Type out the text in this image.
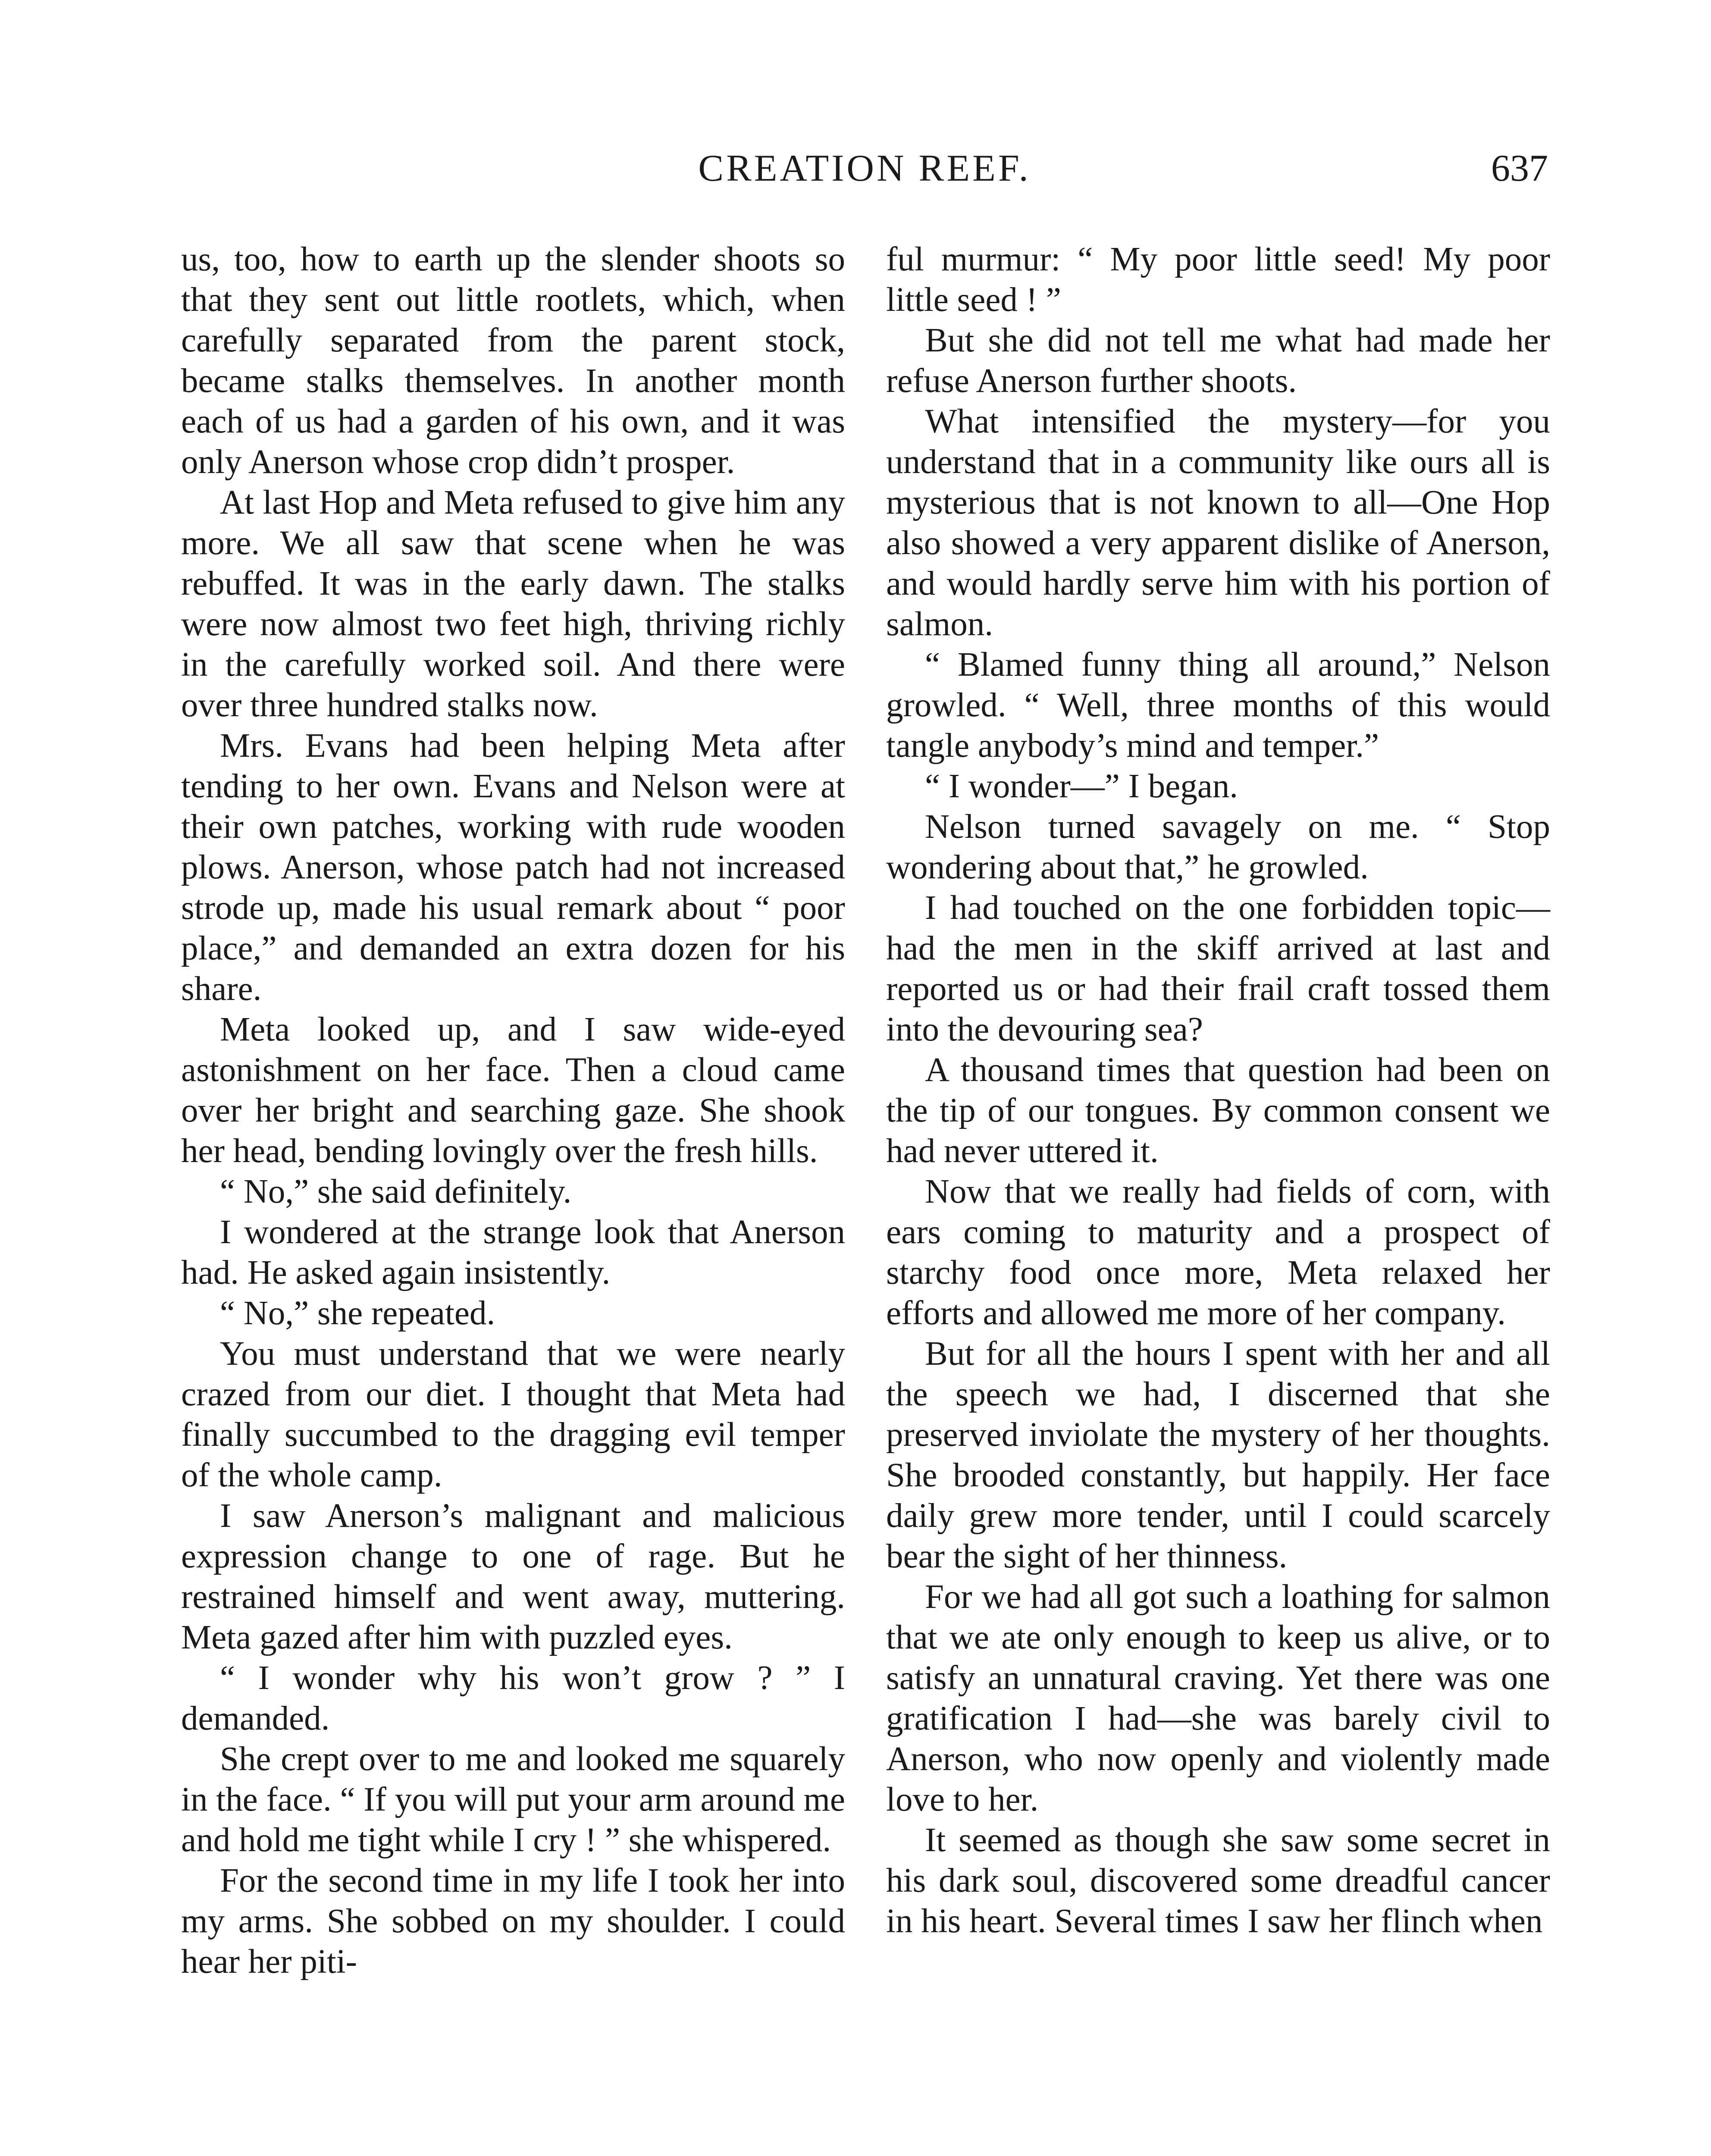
CREATION REEF.	637

us, too, how to earth up the slender shoots so that they sent out little rootlets, which, when carefully separated from the parent stock, became stalks themselves. In another month each of us had a garden of his own, and it was only Anerson whose crop didn’t prosper.

At last Hop and Meta refused to give him any more. We all saw that scene when he was rebuffed. It was in the early dawn. The stalks were now almost two feet high, thriving richly in the carefully worked soil. And there were over three hundred stalks now.

Mrs. Evans had been helping Meta after tending to her own. Evans and Nelson were at their own patches, working with rude wooden plows. Anerson, whose patch had not increased strode up, made his usual remark about “ poor place,” and demanded an extra dozen for his share.

Meta looked up, and I saw wide-eyed astonishment on her face. Then a cloud came over her bright and searching gaze. She shook her head, bending lovingly over the fresh hills.

“ No,” she said definitely.

I wondered at the strange look that Anerson had. He asked again insistently.

“ No,” she repeated.

You must understand that we were nearly crazed from our diet. I thought that Meta had finally succumbed to the dragging evil temper of the whole camp.

I saw Anerson’s malignant and malicious expression change to one of rage. But he restrained himself and went away, muttering. Meta gazed after him with puzzled eyes.

“ I wonder why his won’t grow ? ” I demanded.

She crept over to me and looked me squarely in the face. “ If you will put your arm around me and hold me tight while I cry ! ” she whispered.

For the second time in my life I took her into my arms. She sobbed on my shoulder. I could hear her piti-

ful murmur: “ My poor little seed! My poor little seed ! ”

But she did not tell me what had made her refuse Anerson further shoots.

What intensified the mystery—for you understand that in a community like ours all is mysterious that is not known to all—One Hop also showed a very apparent dislike of Anerson, and would hardly serve him with his portion of salmon.

“ Blamed funny thing all around,” Nelson growled. “ Well, three months of this would tangle anybody’s mind and temper.”

“ I wonder—” I began.

Nelson turned savagely on me. “ Stop wondering about that,” he growled.

I had touched on the one forbidden topic—had the men in the skiff arrived at last and reported us or had their frail craft tossed them into the devouring sea?

A thousand times that question had been on the tip of our tongues. By common consent we had never uttered it.

Now that we really had fields of corn, with ears coming to maturity and a prospect of starchy food once more, Meta relaxed her efforts and allowed me more of her company.

But for all the hours I spent with her and all the speech we had, I discerned that she preserved inviolate the mystery of her thoughts. She brooded constantly, but happily. Her face daily grew more tender, until I could scarcely bear the sight of her thinness.

For we had all got such a loathing for salmon that we ate only enough to keep us alive, or to satisfy an unnatural craving. Yet there was one gratification I had—she was barely civil to Anerson, who now openly and violently made love to her.

It seemed as though she saw some secret in his dark soul, discovered some dreadful cancer in his heart. Several times I saw her flinch when
